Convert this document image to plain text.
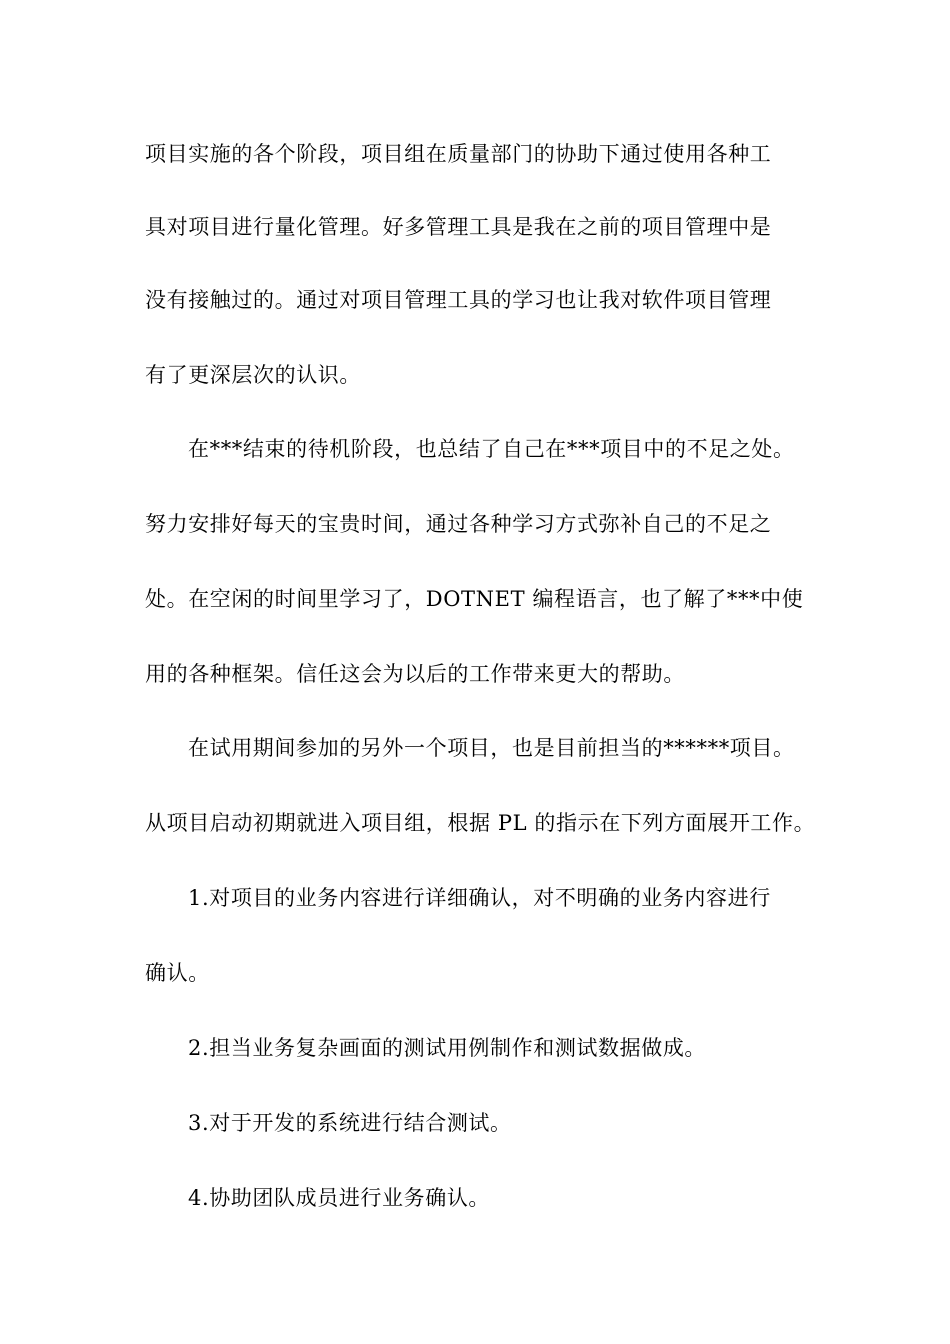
项目实施的各个阶段，项目组在质量部门的协助下通过使用各种工
具对项目进行量化管理。好多管理工具是我在之前的项目管理中是
没有接触过的。通过对项目管理工具的学习也让我对软件项目管理
有了更深层次的认识。
在***结束的待机阶段，也总结了自己在***项目中的不足之处。
努力安排好每天的宝贵时间，通过各种学习方式弥补自己的不足之
处。在空闲的时间里学习了，DOTNET 编程语言，也了解了***中使
用的各种框架。信任这会为以后的工作带来更大的帮助。
在试用期间参加的另外一个项目，也是目前担当的******项目。
从项目启动初期就进入项目组，根据 PL 的指示在下列方面展开工作。
1.对项目的业务内容进行详细确认，对不明确的业务内容进行
确认。
2.担当业务复杂画面的测试用例制作和测试数据做成。
3.对于开发的系统进行结合测试。
4.协助团队成员进行业务确认。
